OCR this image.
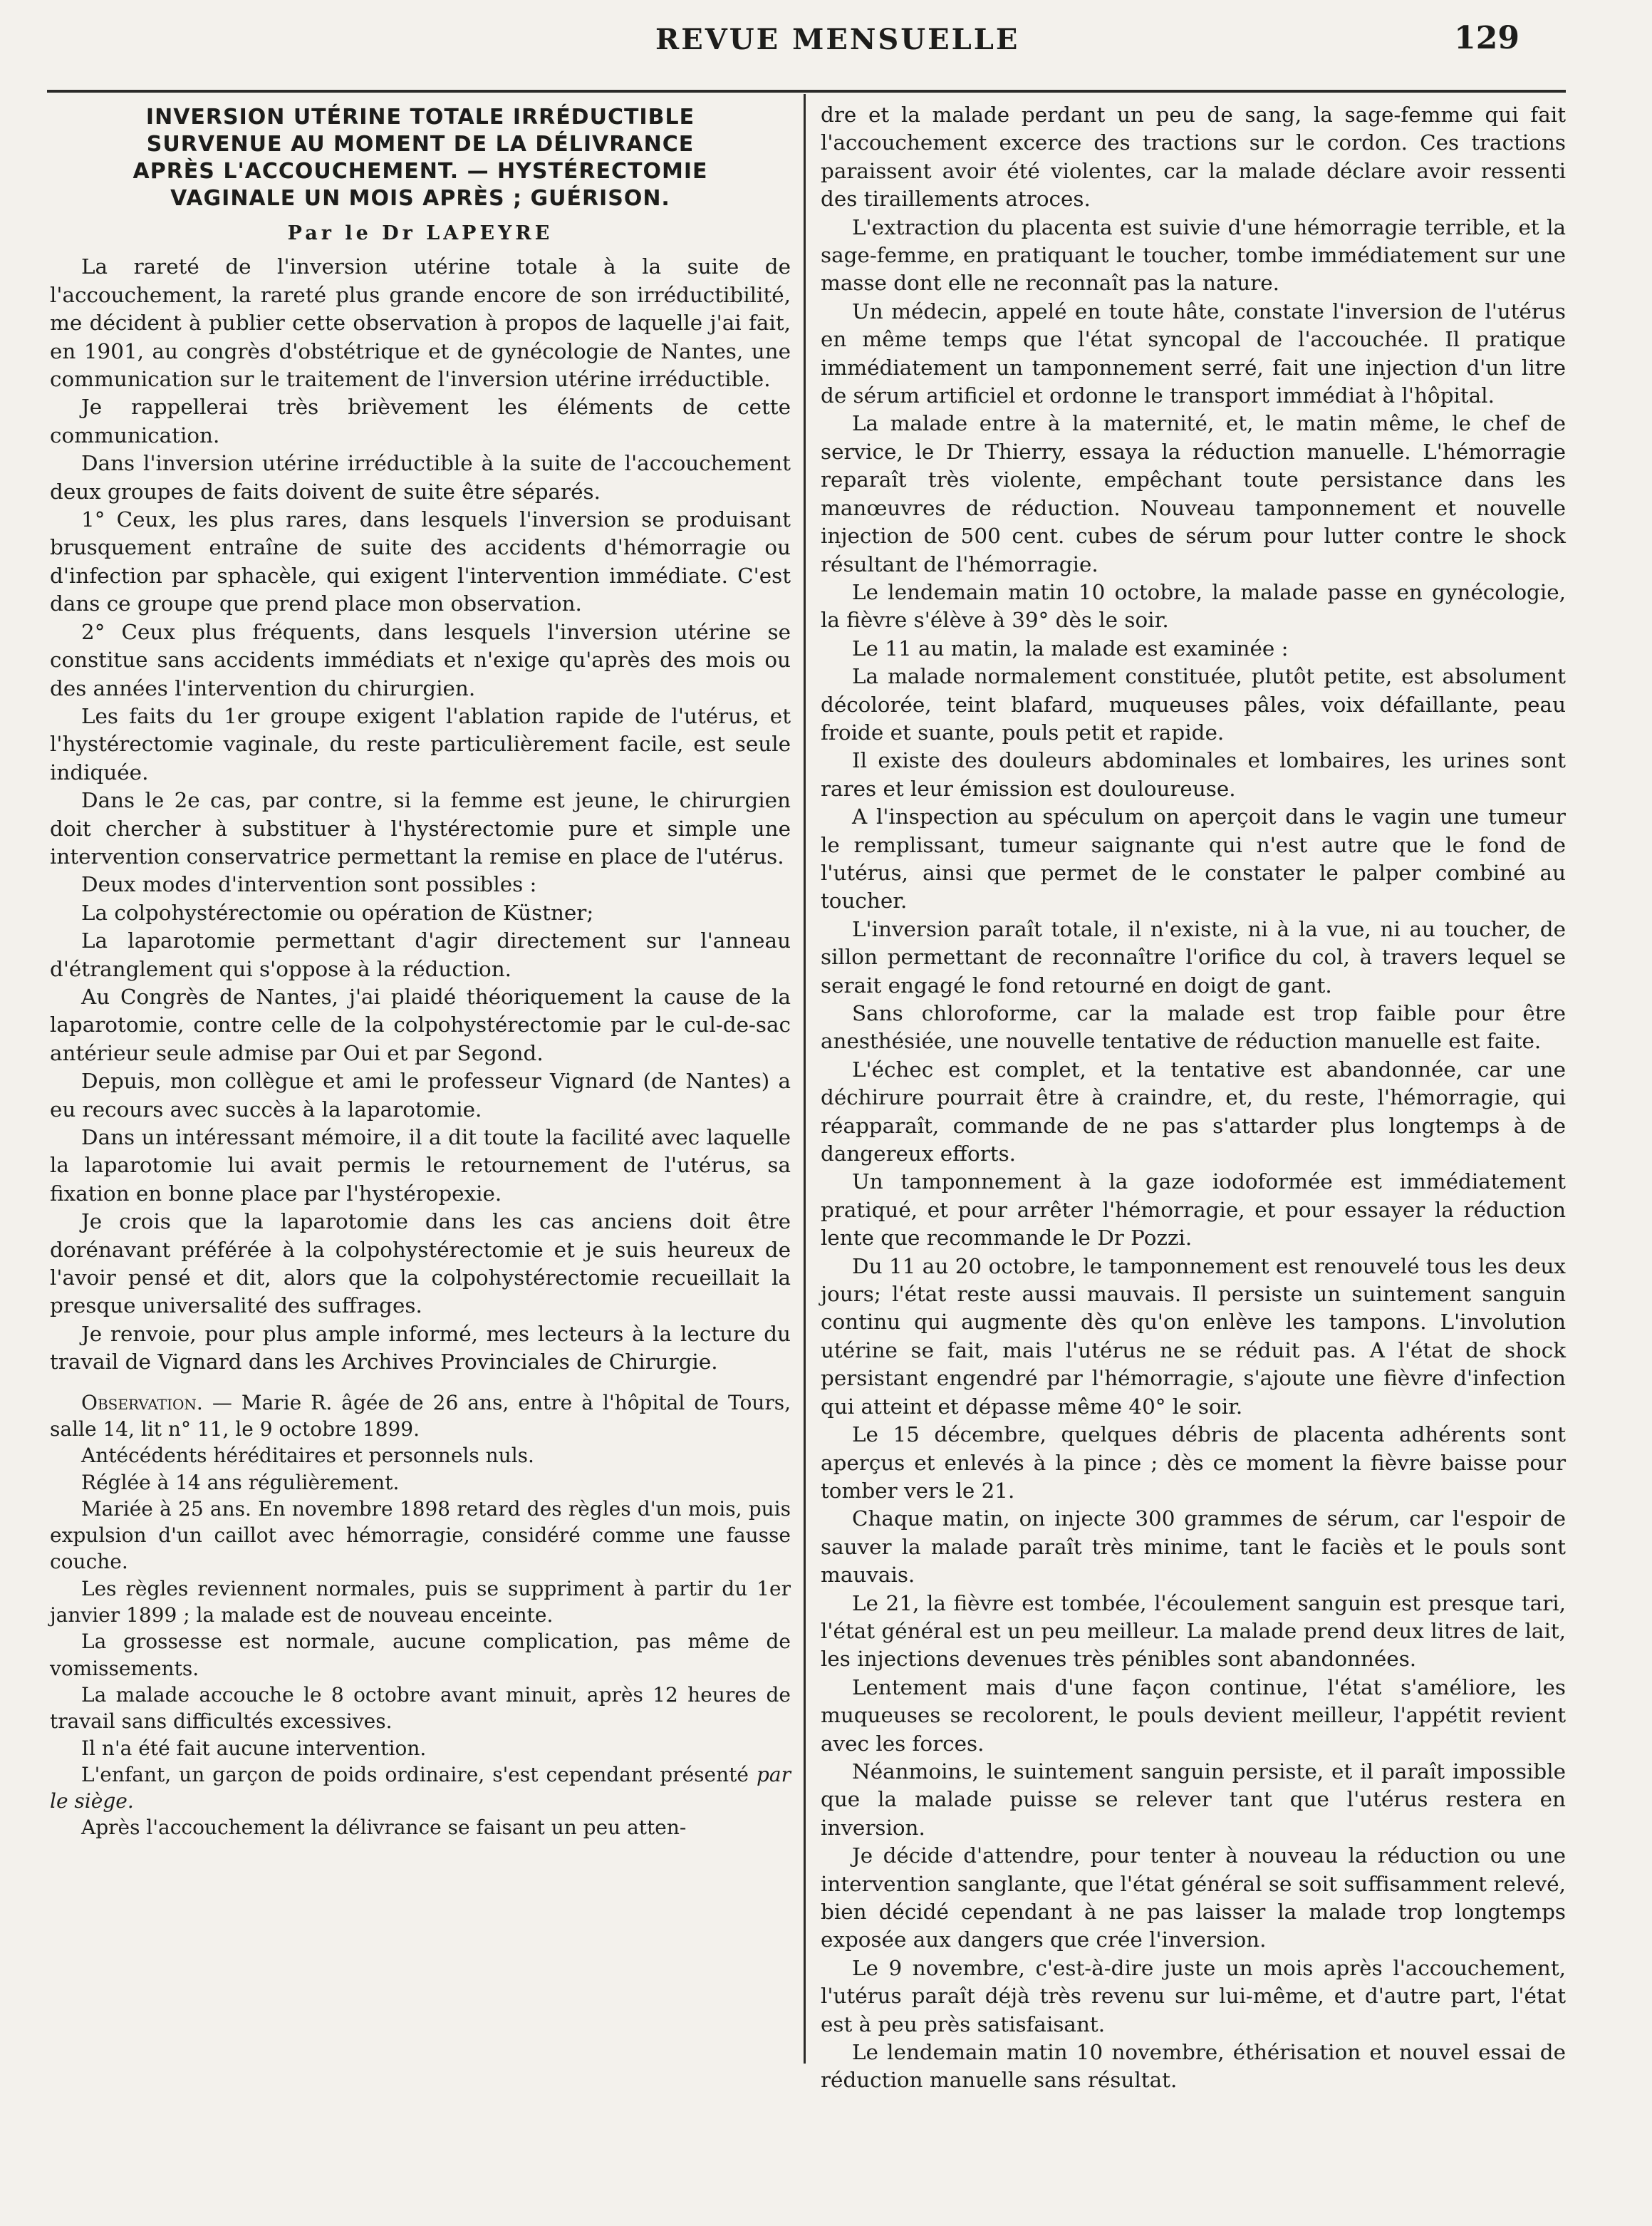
REVUE MENSUELLE	129
INVERSION UTÉRINE TOTALE IRRÉDUCTIBLE
SURVENUE AU MOMENT DE LA DÉLIVRANCE
APRÈS L'ACCOUCHEMENT. — HYSTÉRECTOMIE
VAGINALE UN MOIS APRÈS ; GUÉRISON.
Par le Dr LAPEYRE

La rareté de l'inversion utérine totale à la suite de l'accouchement, la rareté plus grande encore de son irréductibilité, me décident à publier cette observation à propos de laquelle j'ai fait, en 1901, au congrès d'obstétrique et de gynécologie de Nantes, une communication sur le traitement de l'inversion utérine irréductible.

Je rappellerai très brièvement les éléments de cette communication.

Dans l'inversion utérine irréductible à la suite de l'accouchement deux groupes de faits doivent de suite être séparés.

1° Ceux, les plus rares, dans lesquels l'inversion se produisant brusquement entraîne de suite des accidents d'hémorragie ou d'infection par sphacèle, qui exigent l'intervention immédiate. C'est dans ce groupe que prend place mon observation.

2° Ceux plus fréquents, dans lesquels l'inversion utérine se constitue sans accidents immédiats et n'exige qu'après des mois ou des années l'intervention du chirurgien.

Les faits du 1er groupe exigent l'ablation rapide de l'utérus, et l'hystérectomie vaginale, du reste particulièrement facile, est seule indiquée.

Dans le 2e cas, par contre, si la femme est jeune, le chirurgien doit chercher à substituer à l'hystérectomie pure et simple une intervention conservatrice permettant la remise en place de l'utérus.

Deux modes d'intervention sont possibles :

La colpohystérectomie ou opération de Küstner;

La laparotomie permettant d'agir directement sur l'anneau d'étranglement qui s'oppose à la réduction.

Au Congrès de Nantes, j'ai plaidé théoriquement la cause de la laparotomie, contre celle de la colpohystérectomie par le cul-de-sac antérieur seule admise par Oui et par Segond.

Depuis, mon collègue et ami le professeur Vignard (de Nantes) a eu recours avec succès à la laparotomie.

Dans un intéressant mémoire, il a dit toute la facilité avec laquelle la laparotomie lui avait permis le retournement de l'utérus, sa fixation en bonne place par l'hystéropexie.

Je crois que la laparotomie dans les cas anciens doit être dorénavant préférée à la colpohystérectomie et je suis heureux de l'avoir pensé et dit, alors que la colpohystérectomie recueillait la presque universalité des suffrages.

Je renvoie, pour plus ample informé, mes lecteurs à la lecture du travail de Vignard dans les Archives Provinciales de Chirurgie.

Observation. — Marie R. âgée de 26 ans, entre à l'hôpital de Tours, salle 14, lit n° 11, le 9 octobre 1899.

Antécédents héréditaires et personnels nuls.

Réglée à 14 ans régulièrement.

Mariée à 25 ans. En novembre 1898 retard des règles d'un mois, puis expulsion d'un caillot avec hémorragie, considéré comme une fausse couche.

Les règles reviennent normales, puis se suppriment à partir du 1er janvier 1899 ; la malade est de nouveau enceinte.

La grossesse est normale, aucune complication, pas même de vomissements.

La malade accouche le 8 octobre avant minuit, après 12 heures de travail sans difficultés excessives.

Il n'a été fait aucune intervention.

L'enfant, un garçon de poids ordinaire, s'est cependant présenté par le siège.

Après l'accouchement la délivrance se faisant un peu atten-

dre et la malade perdant un peu de sang, la sage-femme qui fait l'accouchement excerce des tractions sur le cordon. Ces tractions paraissent avoir été violentes, car la malade déclare avoir ressenti des tiraillements atroces.

L'extraction du placenta est suivie d'une hémorragie terrible, et la sage-femme, en pratiquant le toucher, tombe immédiatement sur une masse dont elle ne reconnaît pas la nature.

Un médecin, appelé en toute hâte, constate l'inversion de l'utérus en même temps que l'état syncopal de l'accouchée. Il pratique immédiatement un tamponnement serré, fait une injection d'un litre de sérum artificiel et ordonne le transport immédiat à l'hôpital.

La malade entre à la maternité, et, le matin même, le chef de service, le Dr Thierry, essaya la réduction manuelle. L'hémorragie reparaît très violente, empêchant toute persistance dans les manœuvres de réduction. Nouveau tamponnement et nouvelle injection de 500 cent. cubes de sérum pour lutter contre le shock résultant de l'hémorragie.

Le lendemain matin 10 octobre, la malade passe en gynécologie, la fièvre s'élève à 39° dès le soir.

Le 11 au matin, la malade est examinée :

La malade normalement constituée, plutôt petite, est absolument décolorée, teint blafard, muqueuses pâles, voix défaillante, peau froide et suante, pouls petit et rapide.

Il existe des douleurs abdominales et lombaires, les urines sont rares et leur émission est douloureuse.

A l'inspection au spéculum on aperçoit dans le vagin une tumeur le remplissant, tumeur saignante qui n'est autre que le fond de l'utérus, ainsi que permet de le constater le palper combiné au toucher.

L'inversion paraît totale, il n'existe, ni à la vue, ni au toucher, de sillon permettant de reconnaître l'orifice du col, à travers lequel se serait engagé le fond retourné en doigt de gant.

Sans chloroforme, car la malade est trop faible pour être anesthésiée, une nouvelle tentative de réduction manuelle est faite.

L'échec est complet, et la tentative est abandonnée, car une déchirure pourrait être à craindre, et, du reste, l'hémorragie, qui réapparaît, commande de ne pas s'attarder plus longtemps à de dangereux efforts.

Un tamponnement à la gaze iodoformée est immédiatement pratiqué, et pour arrêter l'hémorragie, et pour essayer la réduction lente que recommande le Dr Pozzi.

Du 11 au 20 octobre, le tamponnement est renouvelé tous les deux jours; l'état reste aussi mauvais. Il persiste un suintement sanguin continu qui augmente dès qu'on enlève les tampons. L'involution utérine se fait, mais l'utérus ne se réduit pas. A l'état de shock persistant engendré par l'hémorragie, s'ajoute une fièvre d'infection qui atteint et dépasse même 40° le soir.

Le 15 décembre, quelques débris de placenta adhérents sont aperçus et enlevés à la pince ; dès ce moment la fièvre baisse pour tomber vers le 21.

Chaque matin, on injecte 300 grammes de sérum, car l'espoir de sauver la malade paraît très minime, tant le faciès et le pouls sont mauvais.

Le 21, la fièvre est tombée, l'écoulement sanguin est presque tari, l'état général est un peu meilleur. La malade prend deux litres de lait, les injections devenues très pénibles sont abandonnées.

Lentement mais d'une façon continue, l'état s'améliore, les muqueuses se recolorent, le pouls devient meilleur, l'appétit revient avec les forces.

Néanmoins, le suintement sanguin persiste, et il paraît impossible que la malade puisse se relever tant que l'utérus restera en inversion.

Je décide d'attendre, pour tenter à nouveau la réduction ou une intervention sanglante, que l'état général se soit suffisamment relevé, bien décidé cependant à ne pas laisser la malade trop longtemps exposée aux dangers que crée l'inversion.

Le 9 novembre, c'est-à-dire juste un mois après l'accouchement, l'utérus paraît déjà très revenu sur lui-même, et d'autre part, l'état est à peu près satisfaisant.

Le lendemain matin 10 novembre, éthérisation et nouvel essai de réduction manuelle sans résultat.
